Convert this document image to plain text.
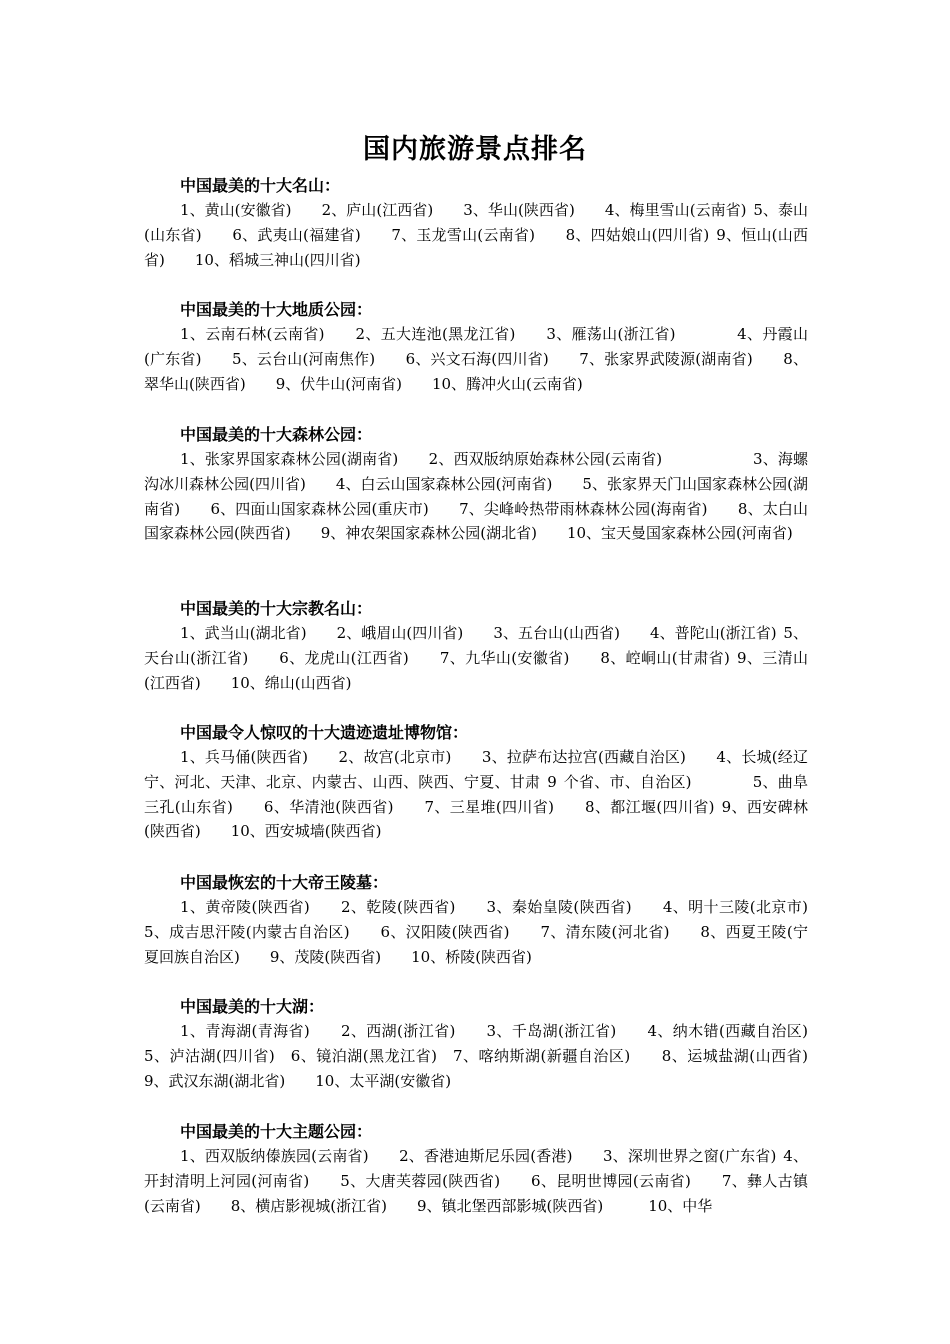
国内旅游景点排名
中国最美的十大名山：
1、黄山(安徽省)　　2、庐山(江西省)　　3、华山(陕西省)　　4、梅里雪山(云南省) 5、泰山(山东省)　　6、武夷山(福建省)　　7、玉龙雪山(云南省)　　8、四姑娘山(四川省) 9、恒山(山西省)　　10、稻城三神山(四川省)
中国最美的十大地质公园：
1、云南石林(云南省)　　2、五大连池(黑龙江省)　　3、雁荡山(浙江省)　　　　4、丹霞山(广东省)　　5、云台山(河南焦作)　　6、兴文石海(四川省)　　7、张家界武陵源(湖南省)　　8、翠华山(陕西省)　　9、伏牛山(河南省)　　10、腾冲火山(云南省)
中国最美的十大森林公园：
1、张家界国家森林公园(湖南省)　　2、西双版纳原始森林公园(云南省)　　　　　　3、海螺沟冰川森林公园(四川省)　　4、白云山国家森林公园(河南省)　　5、张家界天门山国家森林公园(湖南省)　　6、四面山国家森林公园(重庆市)　　7、尖峰岭热带雨林森林公园(海南省)　　8、太白山国家森林公园(陕西省)　　9、神农架国家森林公园(湖北省)　　10、宝天曼国家森林公园(河南省)
中国最美的十大宗教名山：
1、武当山(湖北省)　　2、峨眉山(四川省)　　3、五台山(山西省)　　4、普陀山(浙江省) 5、天台山(浙江省)　　6、龙虎山(江西省)　　7、九华山(安徽省)　　8、崆峒山(甘肃省) 9、三清山(江西省)　　10、绵山(山西省)
中国最令人惊叹的十大遗迹遗址博物馆：
1、兵马俑(陕西省)　　2、故宫(北京市)　　3、拉萨布达拉宫(西藏自治区)　　4、长城(经辽宁、河北、天津、北京、内蒙古、山西、陕西、宁夏、甘肃 9 个省、市、自治区)　　　　5、曲阜三孔(山东省)　　6、华清池(陕西省)　　7、三星堆(四川省)　　8、都江堰(四川省) 9、西安碑林(陕西省)　　10、西安城墙(陕西省)
中国最恢宏的十大帝王陵墓：
1、黄帝陵(陕西省)　　2、乾陵(陕西省)　　3、秦始皇陵(陕西省)　　4、明十三陵(北京市)　　5、成吉思汗陵(内蒙古自治区)　　6、汉阳陵(陕西省)　　7、清东陵(河北省)　　8、西夏王陵(宁夏回族自治区)　　9、茂陵(陕西省)　　10、桥陵(陕西省)
中国最美的十大湖：
1、青海湖(青海省)　　2、西湖(浙江省)　　3、千岛湖(浙江省)　　4、纳木错(西藏自治区)　　5、泸沽湖(四川省)　6、镜泊湖(黑龙江省)　7、喀纳斯湖(新疆自治区)　　8、运城盐湖(山西省)　9、武汉东湖(湖北省)　　10、太平湖(安徽省)
中国最美的十大主题公园：
1、西双版纳傣族园(云南省)　　2、香港迪斯尼乐园(香港)　　3、深圳世界之窗(广东省) 4、开封清明上河园(河南省)　　5、大唐芙蓉园(陕西省)　　6、昆明世博园(云南省)　　7、彝人古镇(云南省)　　8、横店影视城(浙江省)　　9、镇北堡西部影城(陕西省)　　　10、中华
